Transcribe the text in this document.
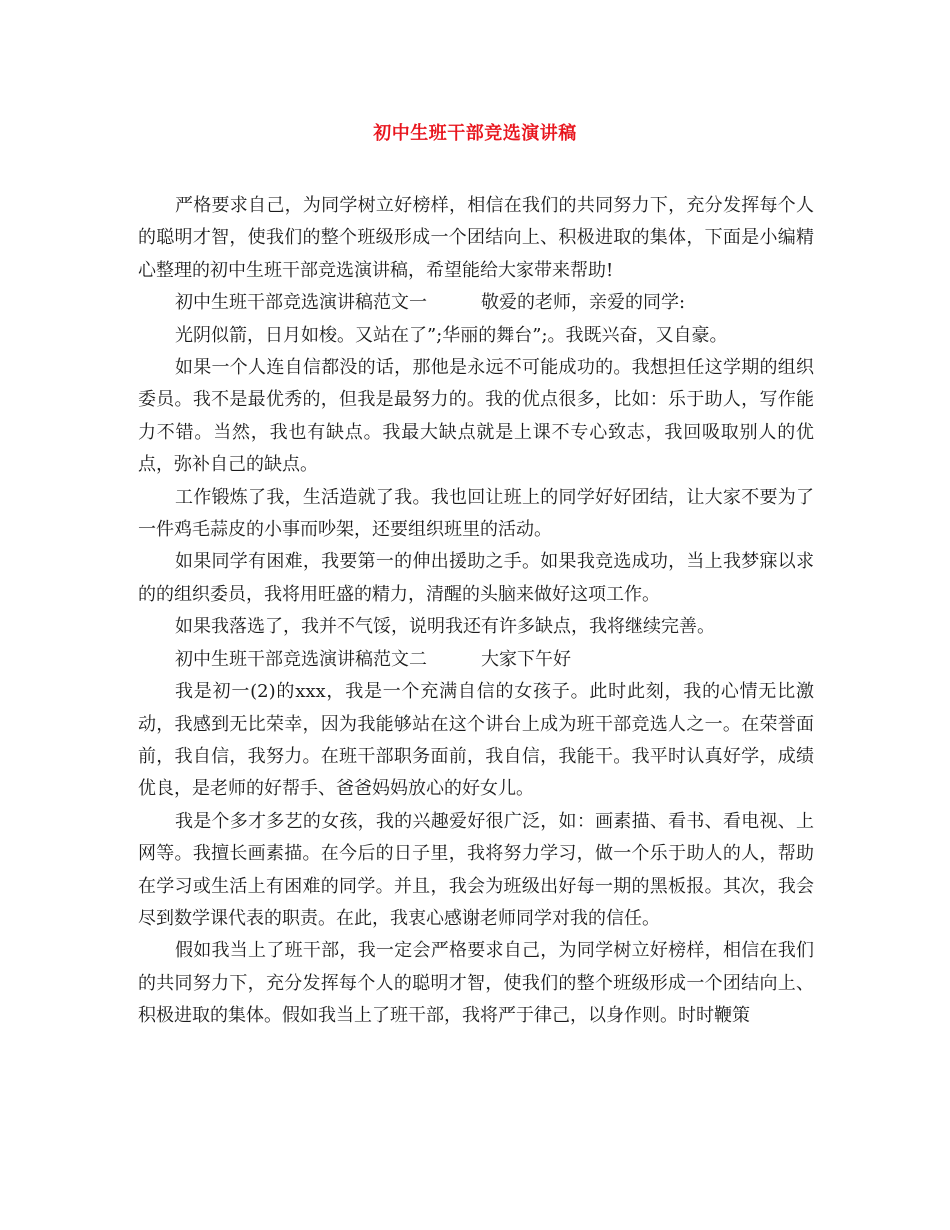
初中生班干部竞选演讲稿

严格要求自己，为同学树立好榜样，相信在我们的共同努力下，充分发挥每个人的聪明才智，使我们的整个班级形成一个团结向上、积极进取的集体，下面是小编精心整理的初中生班干部竞选演讲稿，希望能给大家带来帮助!

初中生班干部竞选演讲稿范文一	敬爱的老师，亲爱的同学:

光阴似箭，日月如梭。又站在了”;华丽的舞台”;。我既兴奋，又自豪。

如果一个人连自信都没的话，那他是永远不可能成功的。我想担任这学期的组织委员。我不是最优秀的，但我是最努力的。我的优点很多，比如：乐于助人，写作能力不错。当然，我也有缺点。我最大缺点就是上课不专心致志，我回吸取别人的优点，弥补自己的缺点。

工作锻炼了我，生活造就了我。我也回让班上的同学好好团结，让大家不要为了一件鸡毛蒜皮的小事而吵架，还要组织班里的活动。

如果同学有困难，我要第一的伸出援助之手。如果我竞选成功，当上我梦寐以求的的组织委员，我将用旺盛的精力，清醒的头脑来做好这项工作。

如果我落选了，我并不气馁，说明我还有许多缺点，我将继续完善。

初中生班干部竞选演讲稿范文二	大家下午好

我是初一(2)的xxx，我是一个充满自信的女孩子。此时此刻，我的心情无比激动，我感到无比荣幸，因为我能够站在这个讲台上成为班干部竞选人之一。在荣誉面前，我自信，我努力。在班干部职务面前，我自信，我能干。我平时认真好学，成绩优良，是老师的好帮手、爸爸妈妈放心的好女儿。

我是个多才多艺的女孩，我的兴趣爱好很广泛，如：画素描、看书、看电视、上网等。我擅长画素描。在今后的日子里，我将努力学习，做一个乐于助人的人，帮助在学习或生活上有困难的同学。并且，我会为班级出好每一期的黑板报。其次，我会尽到数学课代表的职责。在此，我衷心感谢老师同学对我的信任。

假如我当上了班干部，我一定会严格要求自己，为同学树立好榜样，相信在我们的共同努力下，充分发挥每个人的聪明才智，使我们的整个班级形成一个团结向上、积极进取的集体。假如我当上了班干部，我将严于律己，以身作则。时时鞭策
